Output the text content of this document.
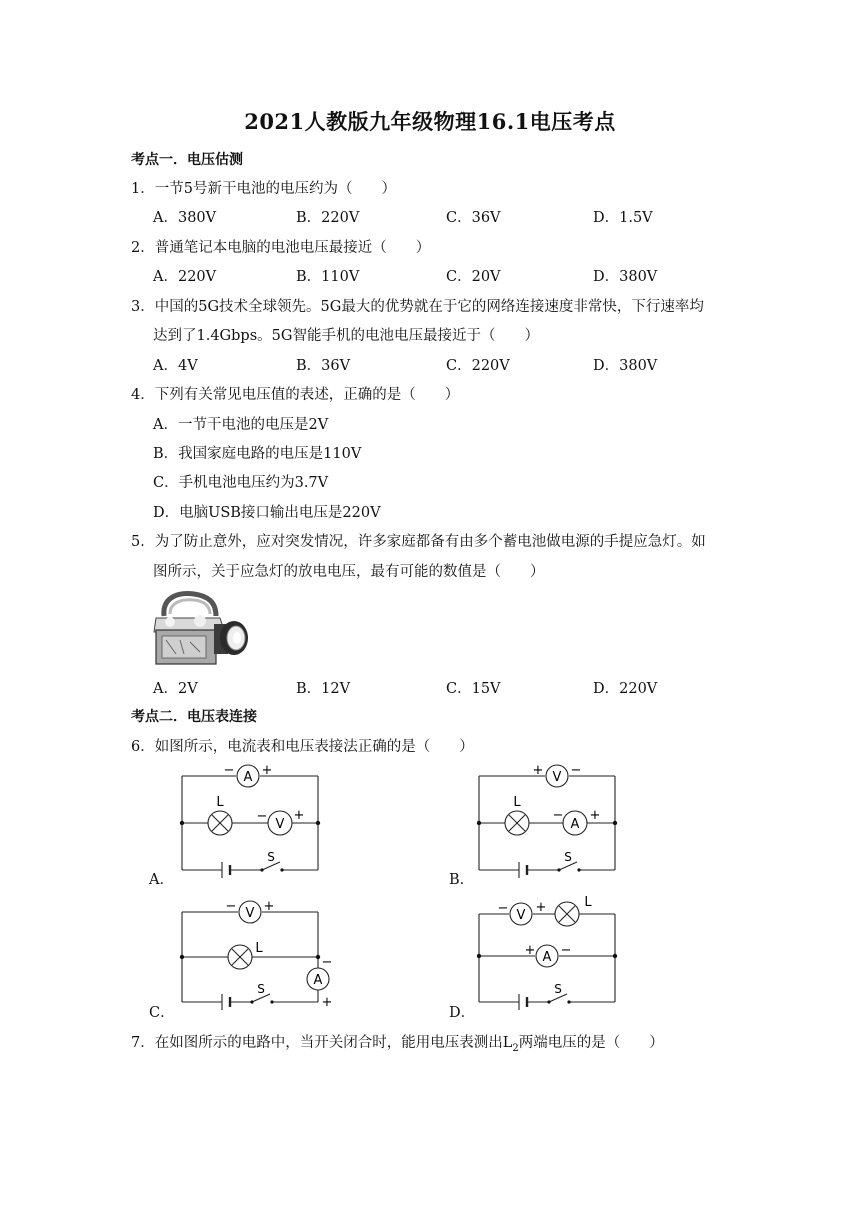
2021人教版九年级物理16.1电压考点
考点一．电压估测
1．一节5号新干电池的电压约为（　　）
A．380V	B．220V	C．36V	D．1.5V
2．普通笔记本电脑的电池电压最接近（　　）
A．220V	B．110V	C．20V	D．380V
3．中国的5G技术全球领先。5G最大的优势就在于它的网络连接速度非常快，下行速率均
达到了1.4Gbps。5G智能手机的电池电压最接近于（　　）
A．4V	B．36V	C．220V	D．380V
4．下列有关常见电压值的表述，正确的是（　　）
A．一节干电池的电压是2V
B．我国家庭电路的电压是110V
C．手机电池电压约为3.7V
D．电脑USB接口输出电压是220V
5．为了防止意外，应对突发情况，许多家庭都备有由多个蓄电池做电源的手提应急灯。如
图所示，关于应急灯的放电电压，最有可能的数值是（　　）
A．2V	B．12V	C．15V	D．220V
考点二．电压表连接
6．如图所示，电流表和电压表接法正确的是（　　）
A．
A
− +
L
V
− +
S
B．
V
+ −
L
A
− +
S
C．
V
− +
L
A
−
+
S
D．
V
− +	L
A
+ −
S
7．在如图所示的电路中，当开关闭合时，能用电压表测出$L_2$两端电压的是（　　）
